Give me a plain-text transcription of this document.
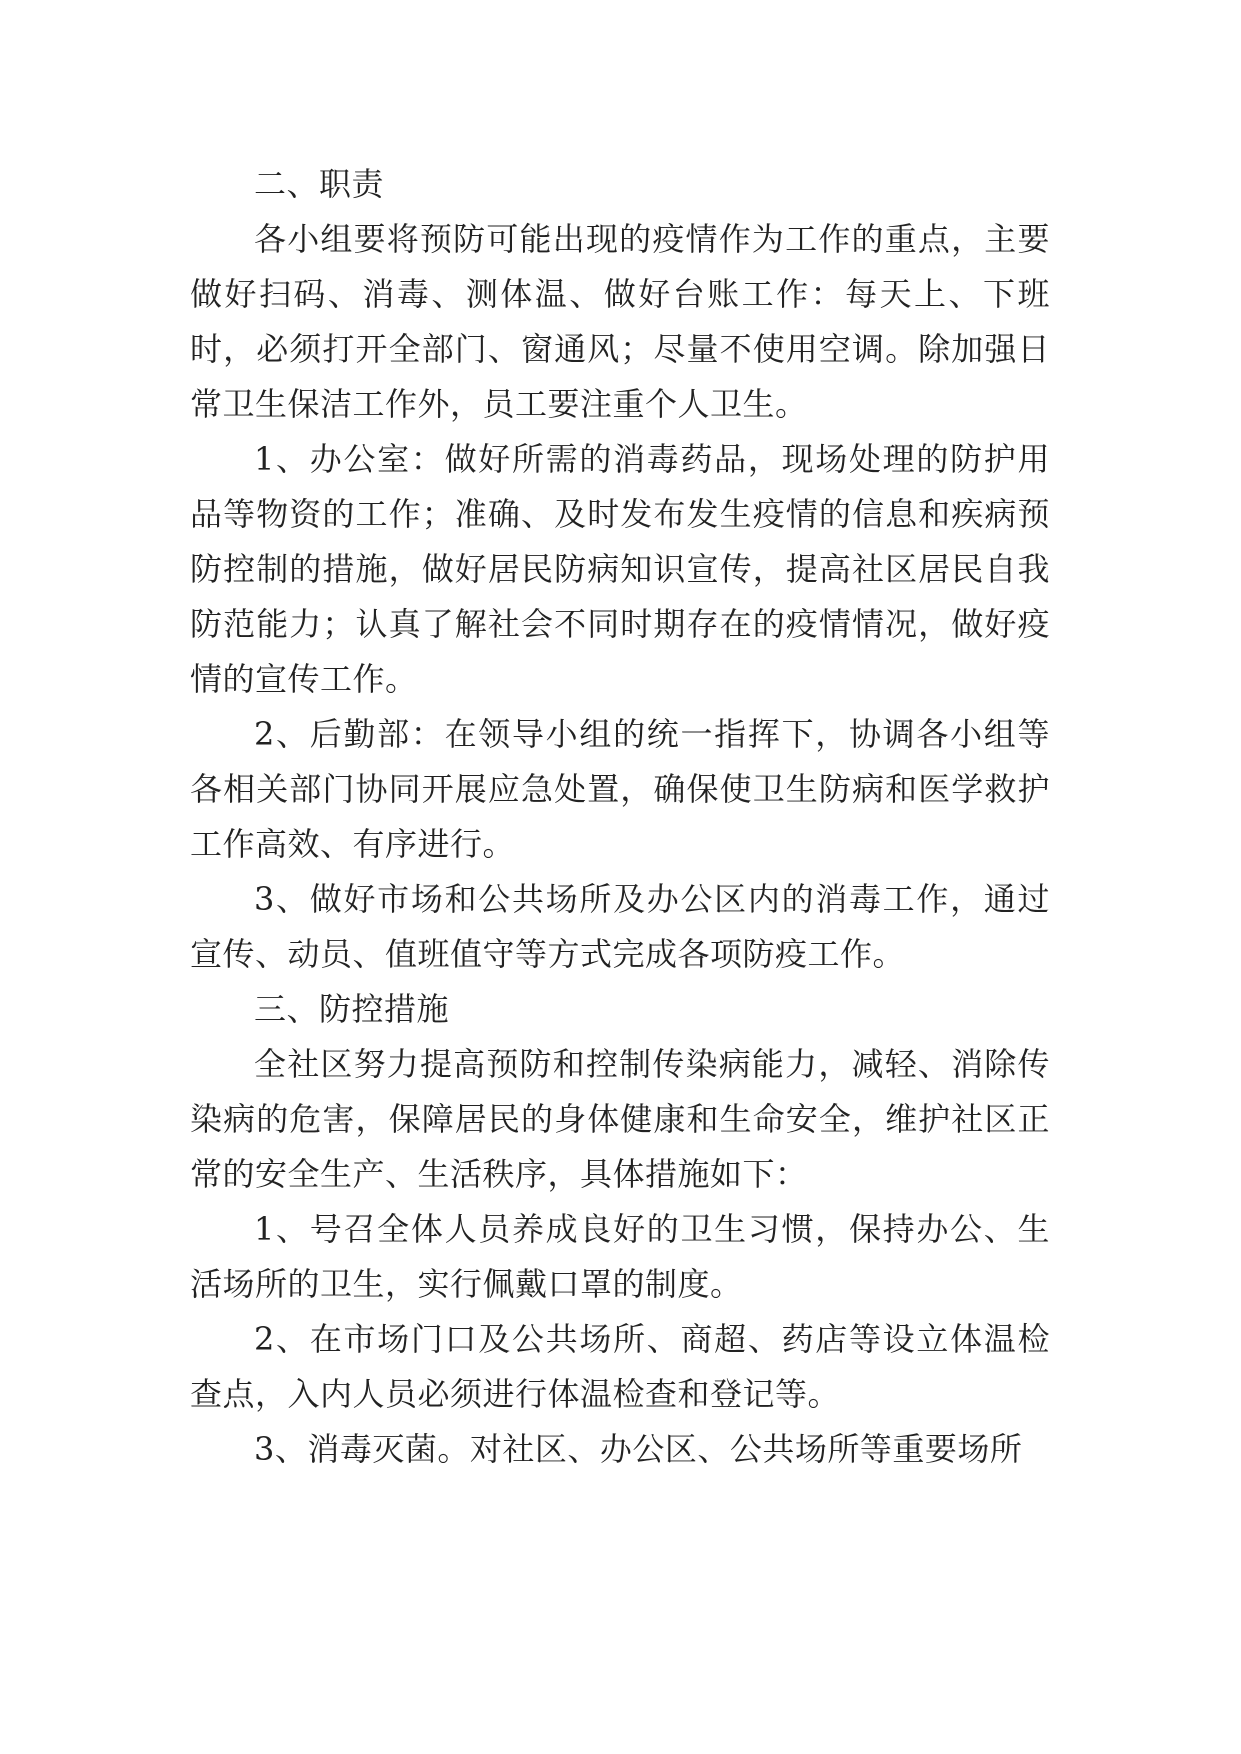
二、职责

各小组要将预防可能出现的疫情作为工作的重点，主要做好扫码、消毒、测体温、做好台账工作：每天上、下班时，必须打开全部门、窗通风；尽量不使用空调。除加强日常卫生保洁工作外，员工要注重个人卫生。

1、办公室：做好所需的消毒药品，现场处理的防护用品等物资的工作；准确、及时发布发生疫情的信息和疾病预防控制的措施，做好居民防病知识宣传，提高社区居民自我防范能力；认真了解社会不同时期存在的疫情情况，做好疫情的宣传工作。

2、后勤部：在领导小组的统一指挥下，协调各小组等各相关部门协同开展应急处置，确保使卫生防病和医学救护工作高效、有序进行。

3、做好市场和公共场所及办公区内的消毒工作，通过宣传、动员、值班值守等方式完成各项防疫工作。

三、防控措施

全社区努力提高预防和控制传染病能力，减轻、消除传染病的危害，保障居民的身体健康和生命安全，维护社区正常的安全生产、生活秩序，具体措施如下：

1、号召全体人员养成良好的卫生习惯，保持办公、生活场所的卫生，实行佩戴口罩的制度。

2、在市场门口及公共场所、商超、药店等设立体温检查点，入内人员必须进行体温检查和登记等。

3、消毒灭菌。对社区、办公区、公共场所等重要场所
